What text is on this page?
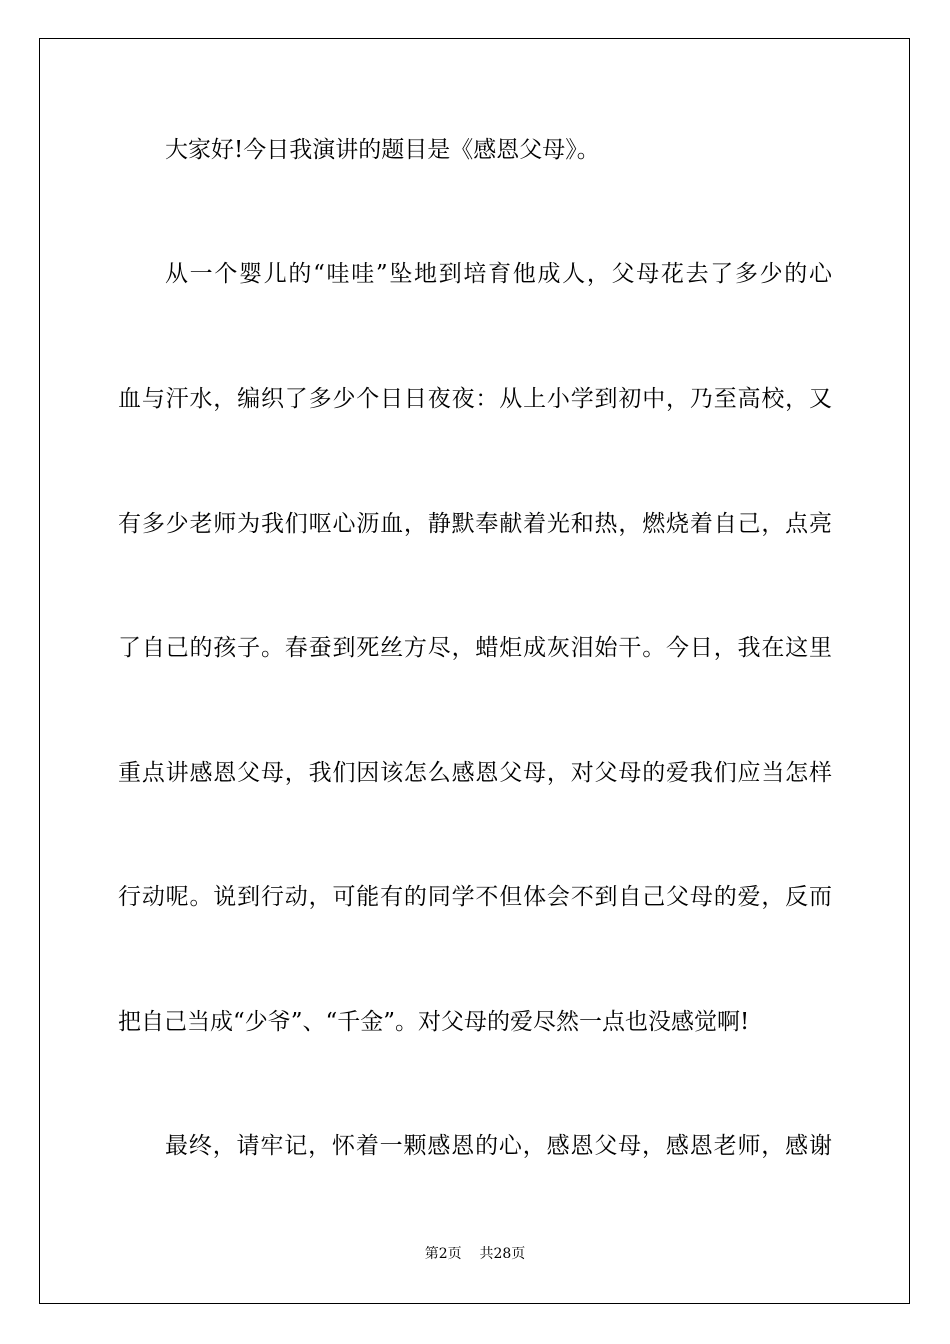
大家好!今日我演讲的题目是《感恩父母》。
从一个婴儿的“哇哇”坠地到培育他成人，父母花去了多少的心
血与汗水，编织了多少个日日夜夜：从上小学到初中，乃至高校，又
有多少老师为我们呕心沥血，静默奉献着光和热，燃烧着自己，点亮
了自己的孩子。春蚕到死丝方尽，蜡炬成灰泪始干。今日，我在这里
重点讲感恩父母，我们因该怎么感恩父母，对父母的爱我们应当怎样
行动呢。说到行动，可能有的同学不但体会不到自己父母的爱，反而
把自己当成“少爷”、“千金”。对父母的爱尽然一点也没感觉啊!
最终，请牢记，怀着一颗感恩的心，感恩父母，感恩老师，感谢
第2页 共28页
